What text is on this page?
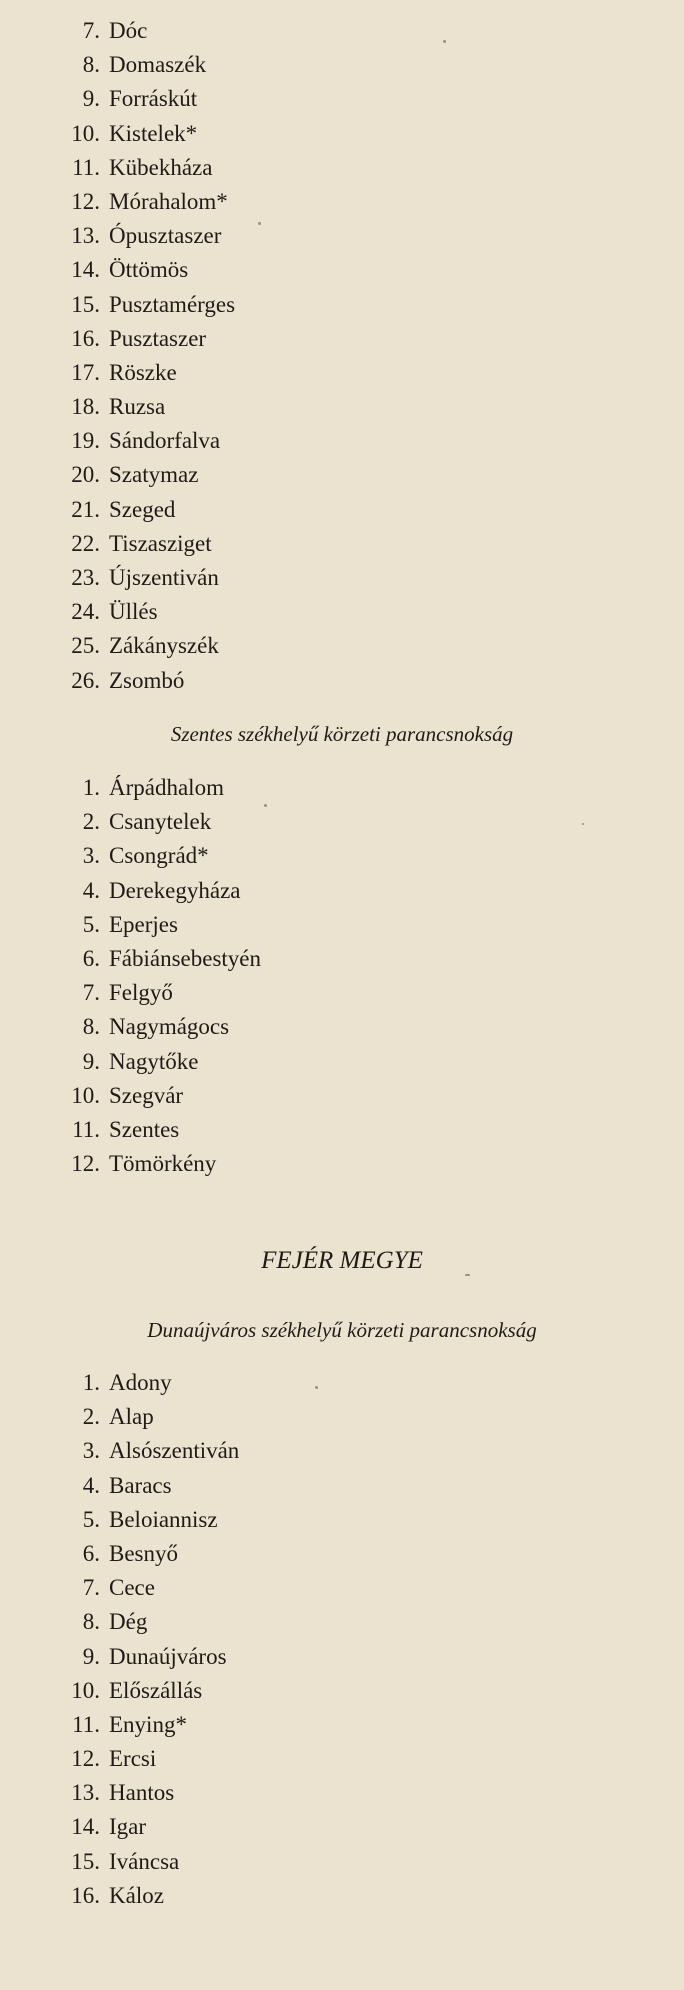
7. Dóc
8. Domaszék
9. Forráskút
10. Kistelek*
11. Kübekháza
12. Mórahalom*
13. Ópusztaszer
14. Öttömös
15. Pusztamérges
16. Pusztaszer
17. Röszke
18. Ruzsa
19. Sándorfalva
20. Szatymaz
21. Szeged
22. Tiszasziget
23. Újszentiván
24. Üllés
25. Zákányszék
26. Zsombó
Szentes székhelyű körzeti parancsnokság
1. Árpádhalom
2. Csanytelek
3. Csongrád*
4. Derekegyháza
5. Eperjes
6. Fábiánsebestyén
7. Felgyő
8. Nagymágocs
9. Nagytőke
10. Szegvár
11. Szentes
12. Tömörkény
FEJÉR MEGYE
Dunaújváros székhelyű körzeti parancsnokság
1. Adony
2. Alap
3. Alsószentiván
4. Baracs
5. Beloiannisz
6. Besnyő
7. Cece
8. Dég
9. Dunaújváros
10. Előszállás
11. Enying*
12. Ercsi
13. Hantos
14. Igar
15. Iváncsa
16. Káloz
